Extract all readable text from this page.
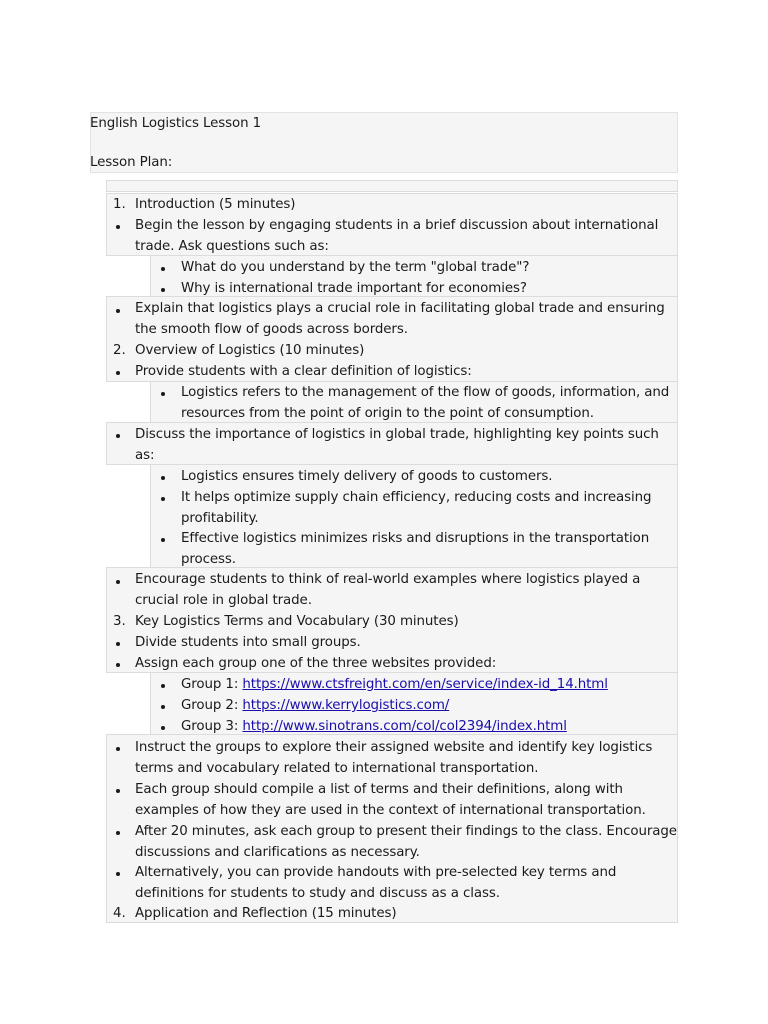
English Logistics Lesson 1
Lesson Plan:
1. Introduction (5 minutes)
Begin the lesson by engaging students in a brief discussion about international
trade. Ask questions such as:
What do you understand by the term "global trade"?
Why is international trade important for economies?
Explain that logistics plays a crucial role in facilitating global trade and ensuring
the smooth flow of goods across borders.
2. Overview of Logistics (10 minutes)
Provide students with a clear definition of logistics:
Logistics refers to the management of the flow of goods, information, and
resources from the point of origin to the point of consumption.
Discuss the importance of logistics in global trade, highlighting key points such
as:
Logistics ensures timely delivery of goods to customers.
It helps optimize supply chain efficiency, reducing costs and increasing
profitability.
Effective logistics minimizes risks and disruptions in the transportation
process.
Encourage students to think of real-world examples where logistics played a
crucial role in global trade.
3. Key Logistics Terms and Vocabulary (30 minutes)
Divide students into small groups.
Assign each group one of the three websites provided:
Group 1: https://www.ctsfreight.com/en/service/index-id_14.html
Group 2: https://www.kerrylogistics.com/
Group 3: http://www.sinotrans.com/col/col2394/index.html
Instruct the groups to explore their assigned website and identify key logistics
terms and vocabulary related to international transportation.
Each group should compile a list of terms and their definitions, along with
examples of how they are used in the context of international transportation.
After 20 minutes, ask each group to present their findings to the class. Encourage
discussions and clarifications as necessary.
Alternatively, you can provide handouts with pre-selected key terms and
definitions for students to study and discuss as a class.
4. Application and Reflection (15 minutes)
